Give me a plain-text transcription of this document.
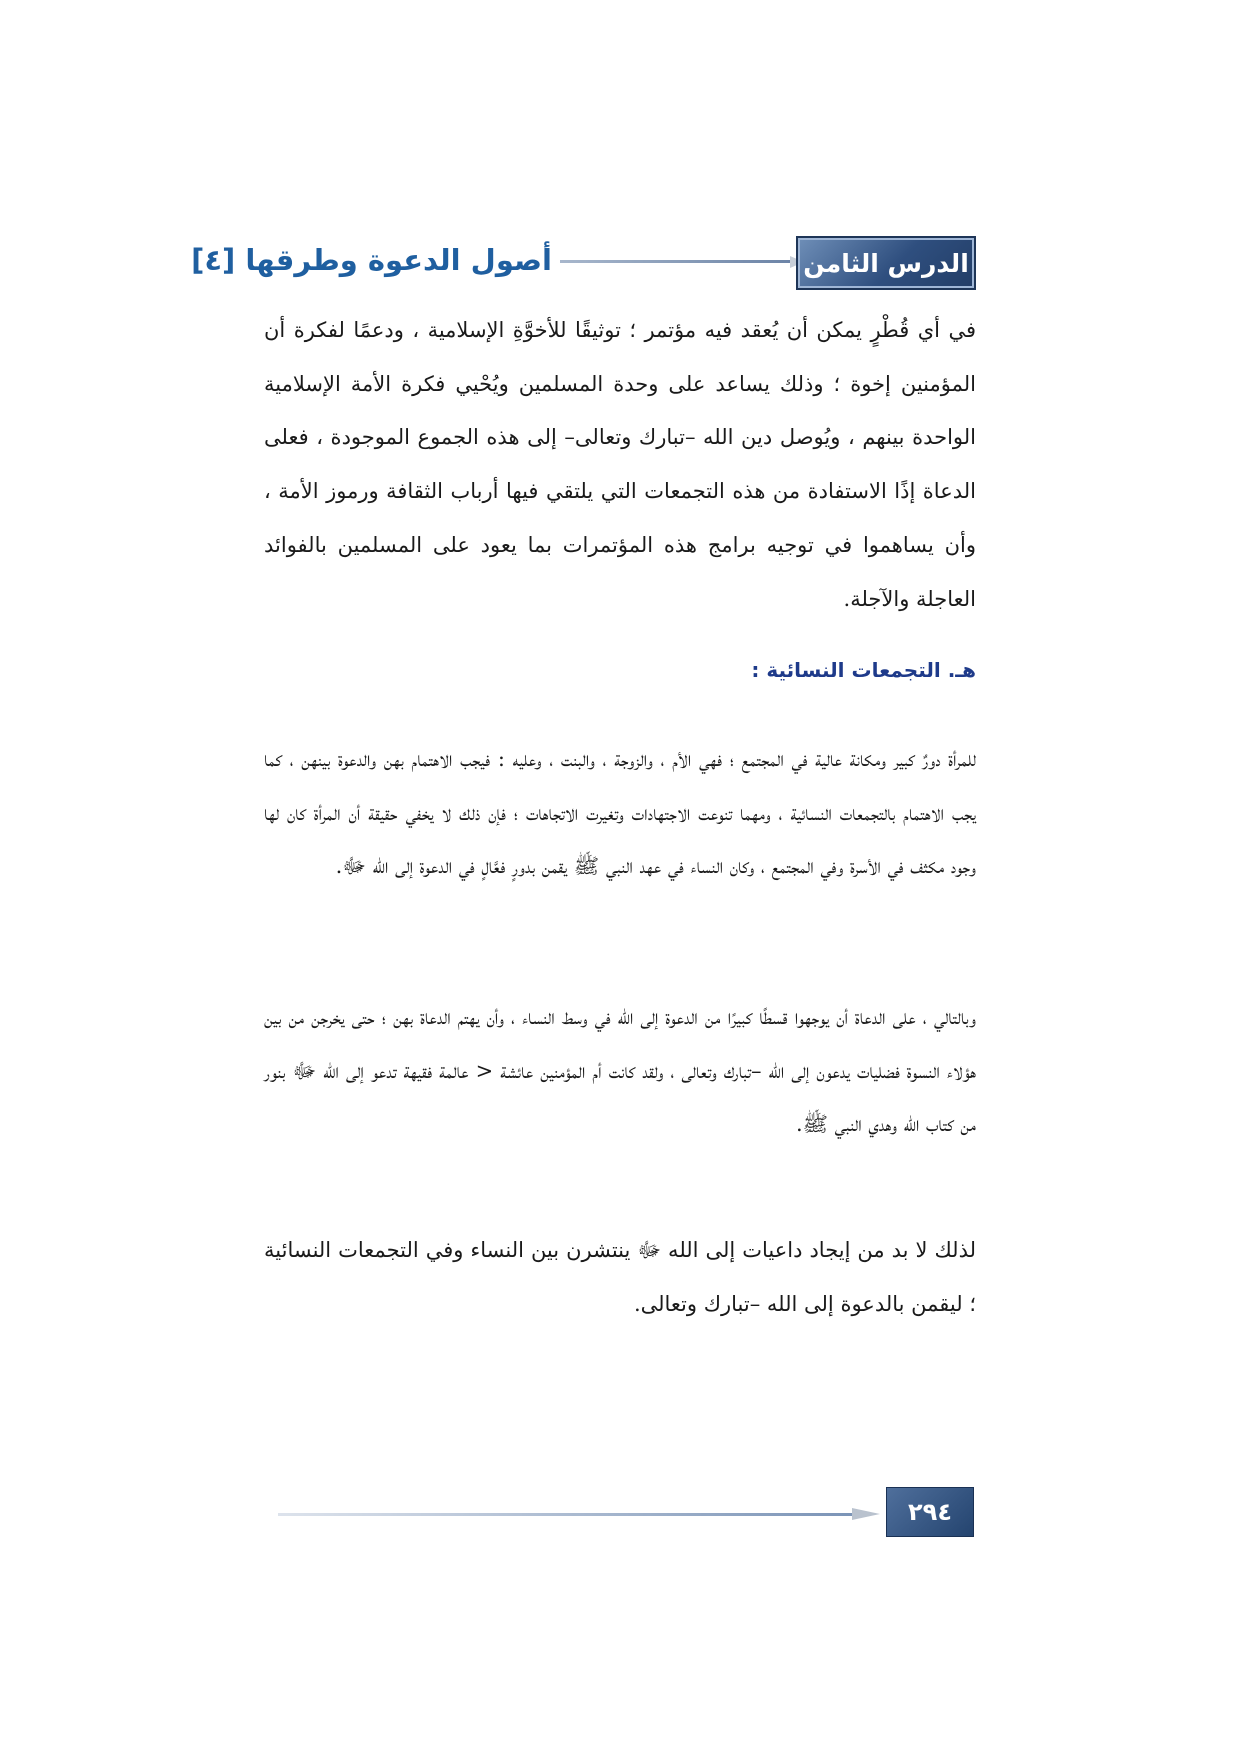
أصول الدعوة وطرقها [٤]	الدرس الثامن
في أي قُطْرٍ يمكن أن يُعقد فيه مؤتمر ؛ توثيقًا للأخوَّةِ الإسلامية ، ودعمًا لفكرة أن المؤمنين إخوة ؛ وذلك يساعد على وحدة المسلمين ويُحْيي فكرة الأمة الإسلامية الواحدة بينهم ، ويُوصل دين الله –تبارك وتعالى– إلى هذه الجموع الموجودة ، فعلى الدعاة إذًا الاستفادة من هذه التجمعات التي يلتقي فيها أرباب الثقافة ورموز الأمة ، وأن يساهموا في توجيه برامج هذه المؤتمرات بما يعود على المسلمين بالفوائد العاجلة والآجلة.
هـ. التجمعات النسائية :
للمرأة دورٌ كبير ومكانة عالية في المجتمع ؛ فهي الأم ، والزوجة ، والبنت ، وعليه : فيجب الاهتمام بهن والدعوة بينهن ، كما يجب الاهتمام بالتجمعات النسائية ، ومهما تنوعت الاجتهادات وتغيرت الاتجاهات ؛ فإن ذلك لا يخفي حقيقة أن المرأة كان لها وجود مكثف في الأسرة وفي المجتمع ، وكان النساء في عهد النبي ﷺ يقمن بدورٍ فعَّالٍ في الدعوة إلى الله ﷻ.
وبالتالي ، على الدعاة أن يوجهوا قسطًا كبيرًا من الدعوة إلى الله في وسط النساء ، وأن يهتم الدعاة بهن ؛ حتى يخرجن من بين هؤلاء النسوة فضليات يدعون إلى الله –تبارك وتعالى ، ولقد كانت أم المؤمنين عائشة < عالمة فقيهة تدعو إلى الله ﷻ بنور من كتاب الله وهدي النبي ﷺ.
لذلك لا بد من إيجاد داعيات إلى الله ﷻ ينتشرن بين النساء وفي التجمعات النسائية ؛ ليقمن بالدعوة إلى الله –تبارك وتعالى.
٢٩٤
